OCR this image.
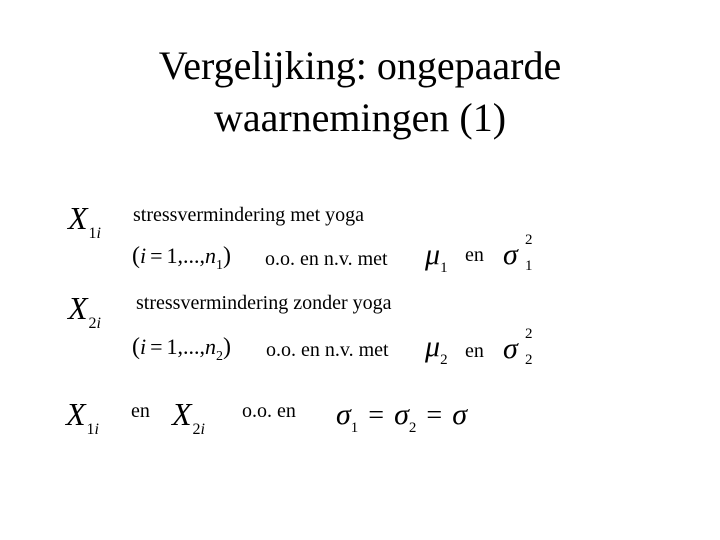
Vergelijking: ongepaarde
waarnemingen (1)
X1i
stressvermindering met yoga
(i = 1,...,n1) o.o. en n.v. met μ1
en σ 2
1
X2i
stressvermindering zonder yoga
(i = 1,...,n2) o.o. en n.v. met μ2 en σ 2
2
X1i
en X2i
o.o. en σ1 = σ2 = σ
